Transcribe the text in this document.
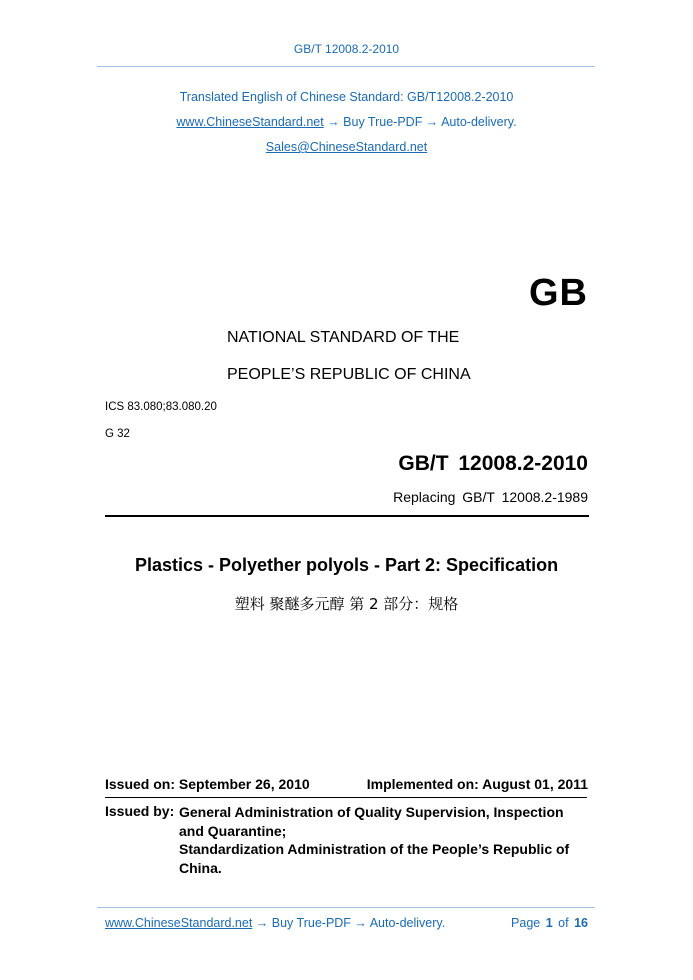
GB/T 12008.2-2010
Translated English of Chinese Standard: GB/T12008.2-2010
www.ChineseStandard.net → Buy True-PDF → Auto-delivery.
Sales@ChineseStandard.net
GB
NATIONAL STANDARD OF THE
PEOPLE’S REPUBLIC OF CHINA
ICS 83.080;83.080.20
G 32
GB/T 12008.2-2010
Replacing GB/T 12008.2-1989
Plastics - Polyether polyols - Part 2: Specification
塑料 聚醚多元醇 第 2 部分：规格
Issued on: September 26, 2010	Implemented on: August 01, 2011
Issued by: General Administration of Quality Supervision, Inspection
and Quarantine;
Standardization Administration of the People’s Republic of
China.
www.ChineseStandard.net → Buy True-PDF → Auto-delivery.	Page 1 of 16
